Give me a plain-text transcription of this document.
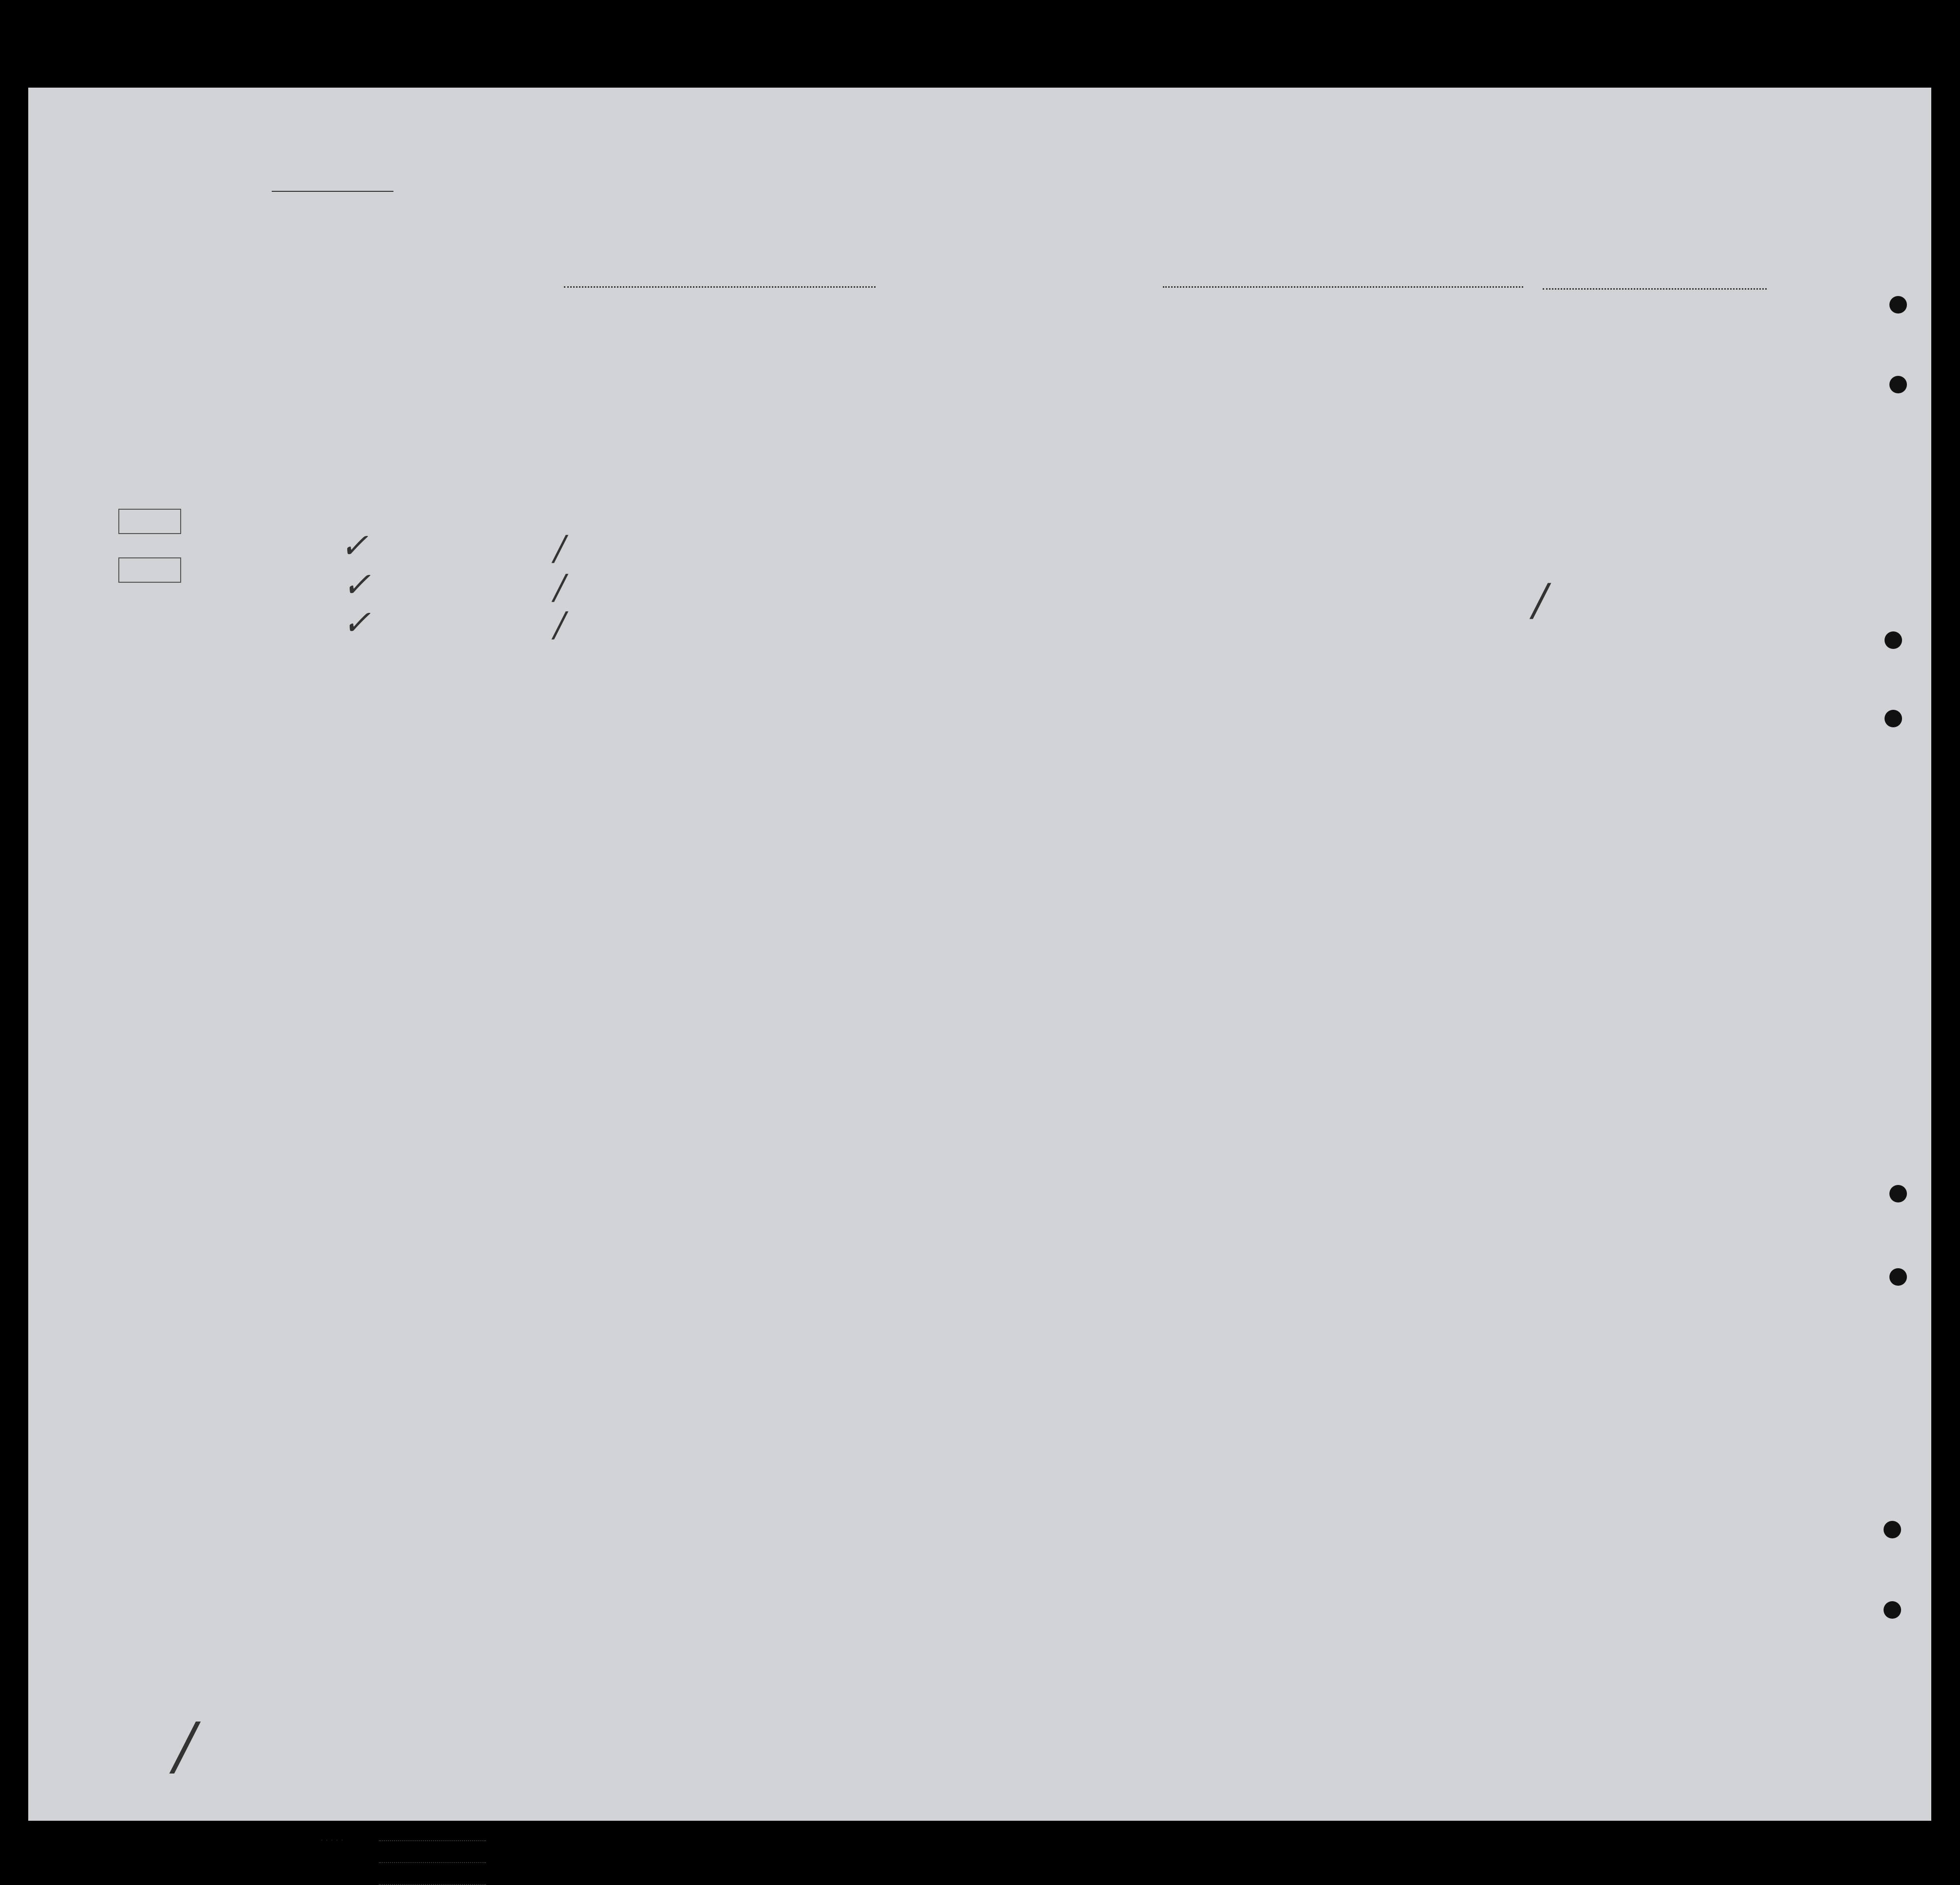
✓	/
✓	/
✓	/	/
/
. . . . .
